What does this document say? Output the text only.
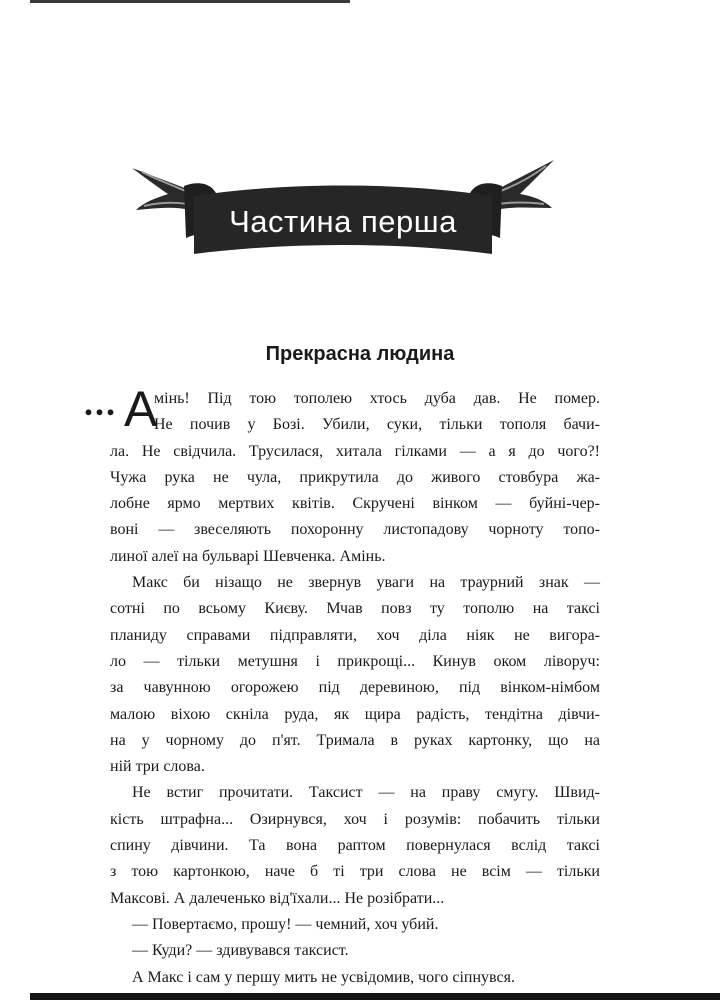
Частина перша
Прекрасна людина
... А
мінь! Під тою тополею хтось дуба дав. Не помер.
Не почив у Бозі. Убили, суки, тільки тополя бачи-
ла. Не свідчила. Трусилася, хитала гілками — а я до чого?!
Чужа рука не чула, прикрутила до живого стовбура жа-
лобне ярмо мертвих квітів. Скручені вінком — буйні-чер-
воні — звеселяють похоронну листопадову чорноту топо-
линої алеї на бульварі Шевченка. Амінь.
Макс би нізащо не звернув уваги на траурний знак —
сотні по всьому Києву. Мчав повз ту тополю на таксі
планиду справами підправляти, хоч діла ніяк не вигора-
ло — тільки метушня і прикрощі... Кинув оком ліворуч:
за чавунною огорожею під деревиною, під вінком-німбом
малою віхою скніла руда, як щира радість, тендітна дівчи-
на у чорному до п'ят. Тримала в руках картонку, що на
ній три слова.
Не встиг прочитати. Таксист — на праву смугу. Швид-
кість штрафна... Озирнувся, хоч і розумів: побачить тільки
спину дівчини. Та вона раптом повернулася вслід таксі
з тою картонкою, наче б ті три слова не всім — тільки
Максові. А далеченько від'їхали... Не розібрати...
— Повертаємо, прошу! — чемний, хоч убий.
— Куди? — здивувався таксист.
А Макс і сам у першу мить не усвідомив, чого сіпнувся.
